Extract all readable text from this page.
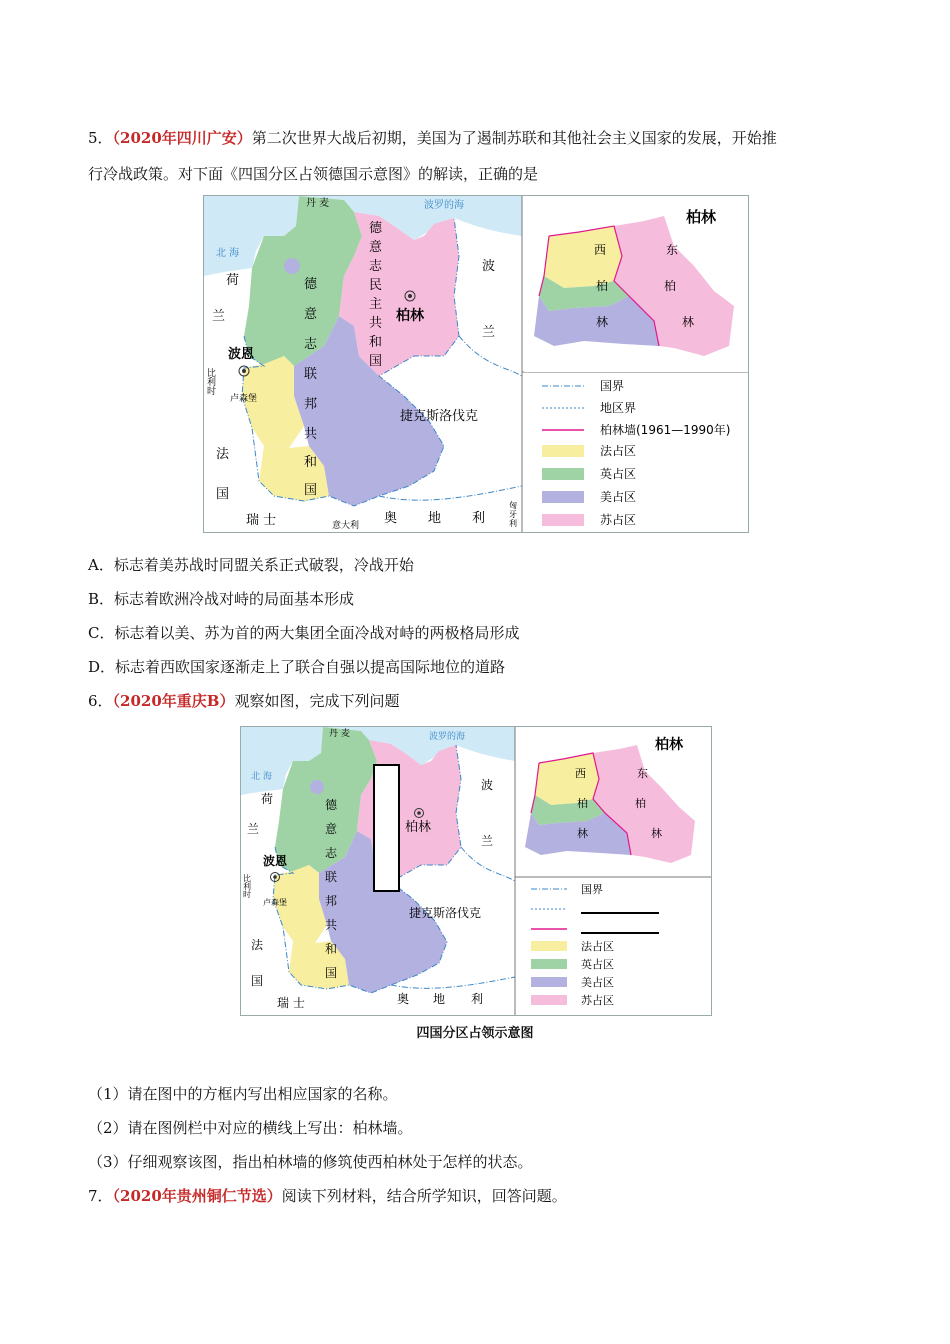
5．（2020年四川广安）第二次世界大战后初期，美国为了遏制苏联和其他社会主义国家的发展，开始推
行冷战政策。对下面《四国分区占领德国示意图》的解读，正确的是
北 海
波罗的海
丹 麦
荷
兰
波恩
比
利
时
卢森堡
法
国
瑞 士	意大利 奥 地 利
匈
牙
利
德
意
志
联
邦
共
和
国
德
意
志
民
主
共
和
国
柏林
波
兰
捷克斯洛伐克
柏林
西
柏
林
东
柏
林
国界
地区界
柏林墙(1961—1990年)
法占区
英占区
美占区
苏占区
A．标志着美苏战时同盟关系正式破裂，冷战开始
B．标志着欧洲冷战对峙的局面基本形成
C．标志着以美、苏为首的两大集团全面冷战对峙的两极格局形成
D．标志着西欧国家逐渐走上了联合自强以提高国际地位的道路
6．（2020年重庆B）观察如图，完成下列问题
北 海
波罗的海
丹 麦
荷
兰
波恩
比
利
时
卢森堡
法
国
瑞 士	奥 地 利
德
意
志
联
邦
共
和
国
柏林
波
兰
捷克斯洛伐克
柏林
西
柏
林
东
柏
林
国界
法占区
英占区
美占区
苏占区
四国分区占领示意图
（1）请在图中的方框内写出相应国家的名称。
（2）请在图例栏中对应的横线上写出：柏林墙。
（3）仔细观察该图，指出柏林墙的修筑使西柏林处于怎样的状态。
7．（2020年贵州铜仁节选）阅读下列材料，结合所学知识，回答问题。
